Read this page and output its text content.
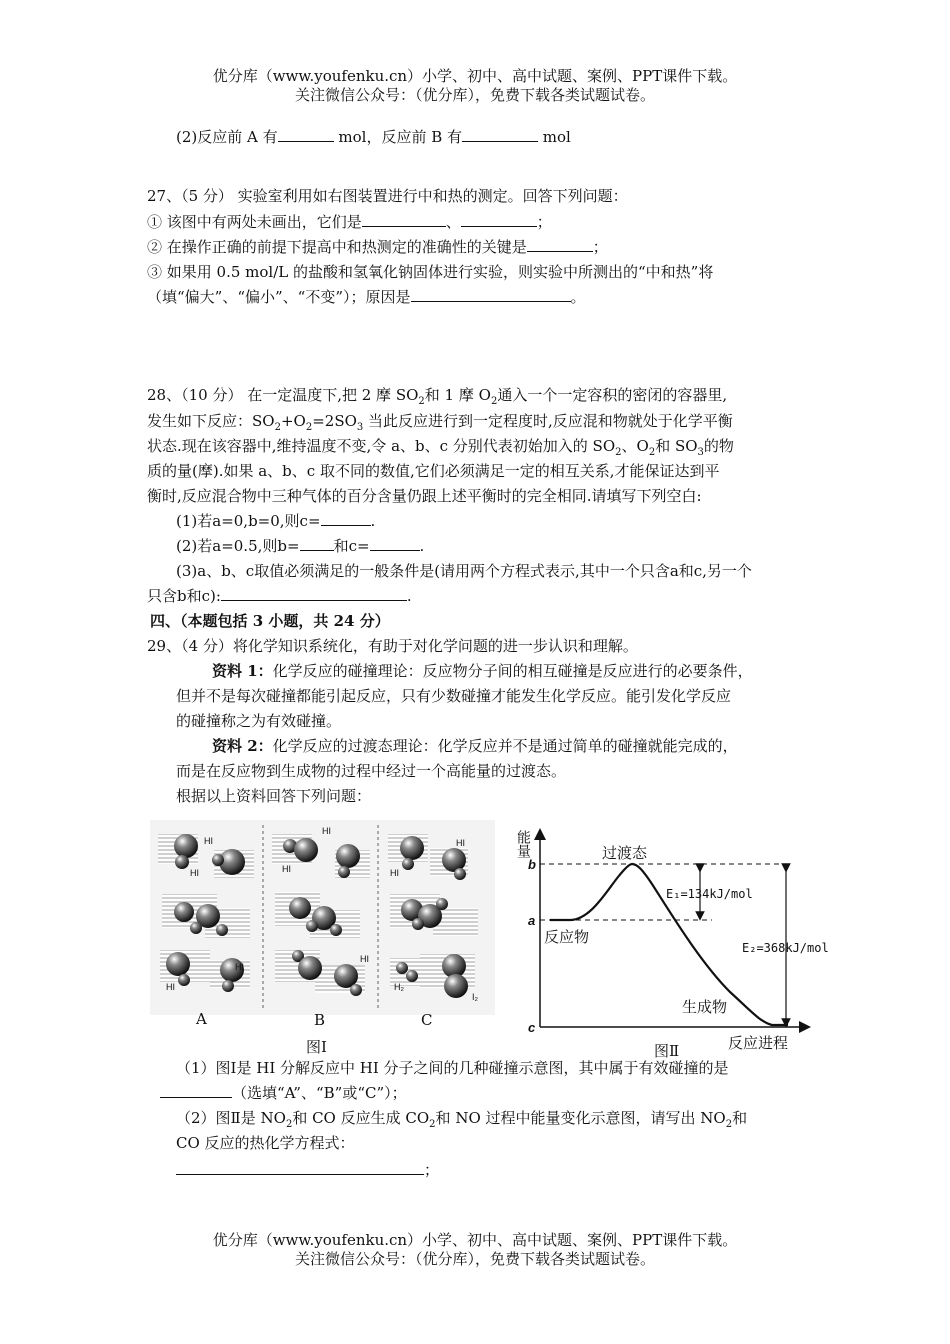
优分库（www.youfenku.cn）小学、初中、高中试题、案例、PPT课件下载。
关注微信公众号：（优分库），免费下载各类试题试卷。
(2)反应前 A 有	mol，反应前 B 有	mol
27、（5 分） 实验室利用如右图装置进行中和热的测定。回答下列问题：
① 该图中有两处未画出，它们是	、	；
② 在操作正确的前提下提高中和热测定的准确性的关键是	；
③ 如果用 0.5 mol/L 的盐酸和氢氧化钠固体进行实验，则实验中所测出的“中和热”将
（填“偏大”、“偏小”、“不变”）；原因是	。
28、（10 分） 在一定温度下,把 2 摩 $SO_2$和 1 摩 $O_2$通入一个一定容积的密闭的容器里,
发生如下反应：$SO_2+O_2=2SO_3$ 当此反应进行到一定程度时,反应混和物就处于化学平衡
状态.现在该容器中,维持温度不变,令 a、b、c 分别代表初始加入的 $SO_2$、$O_2$和 $SO_3$的物
质的量(摩).如果 a、b、c 取不同的数值,它们必须满足一定的相互关系,才能保证达到平
衡时,反应混合物中三种气体的百分含量仍跟上述平衡时的完全相同.请填写下列空白:
(1)若a=0,b=0,则c=	.
(2)若a=0.5,则b= 和c=	.
(3)a、b、c取值必须满足的一般条件是(请用两个方程式表示,其中一个只含a和c,另一个
只含b和c):	.
四、（本题包括 3 小题，共 24 分）
29、（4 分）将化学知识系统化，有助于对化学问题的进一步认识和理解。
资料 1：化学反应的碰撞理论：反应物分子间的相互碰撞是反应进行的必要条件，
但并不是每次碰撞都能引起反应，只有少数碰撞才能发生化学反应。能引发化学反应
的碰撞称之为有效碰撞。
资料 2：化学反应的过渡态理论：化学反应并不是通过简单的碰撞就能完成的，
而是在反应物到生成物的过程中经过一个高能量的过渡态。
根据以上资料回答下列问题：
HI
HI
HI
HI
HI
HI
HI
HI
HI
H₂
I₂
A	B	C
图Ⅰ
能量
b
a
c
过渡态
反应物
生成物
反应进程
E₁=134kJ/mol
E₂=368kJ/mol
图Ⅱ
（1）图Ⅰ是 HI 分解反应中 HI 分子之间的几种碰撞示意图，其中属于有效碰撞的是
（选填“A”、“B”或“C”）；
（2）图Ⅱ是 $NO_2$和 CO 反应生成 $CO_2$和 NO 过程中能量变化示意图，请写出 $NO_2$和
CO 反应的热化学方程式：
；
优分库（www.youfenku.cn）小学、初中、高中试题、案例、PPT课件下载。
关注微信公众号：（优分库），免费下载各类试题试卷。
